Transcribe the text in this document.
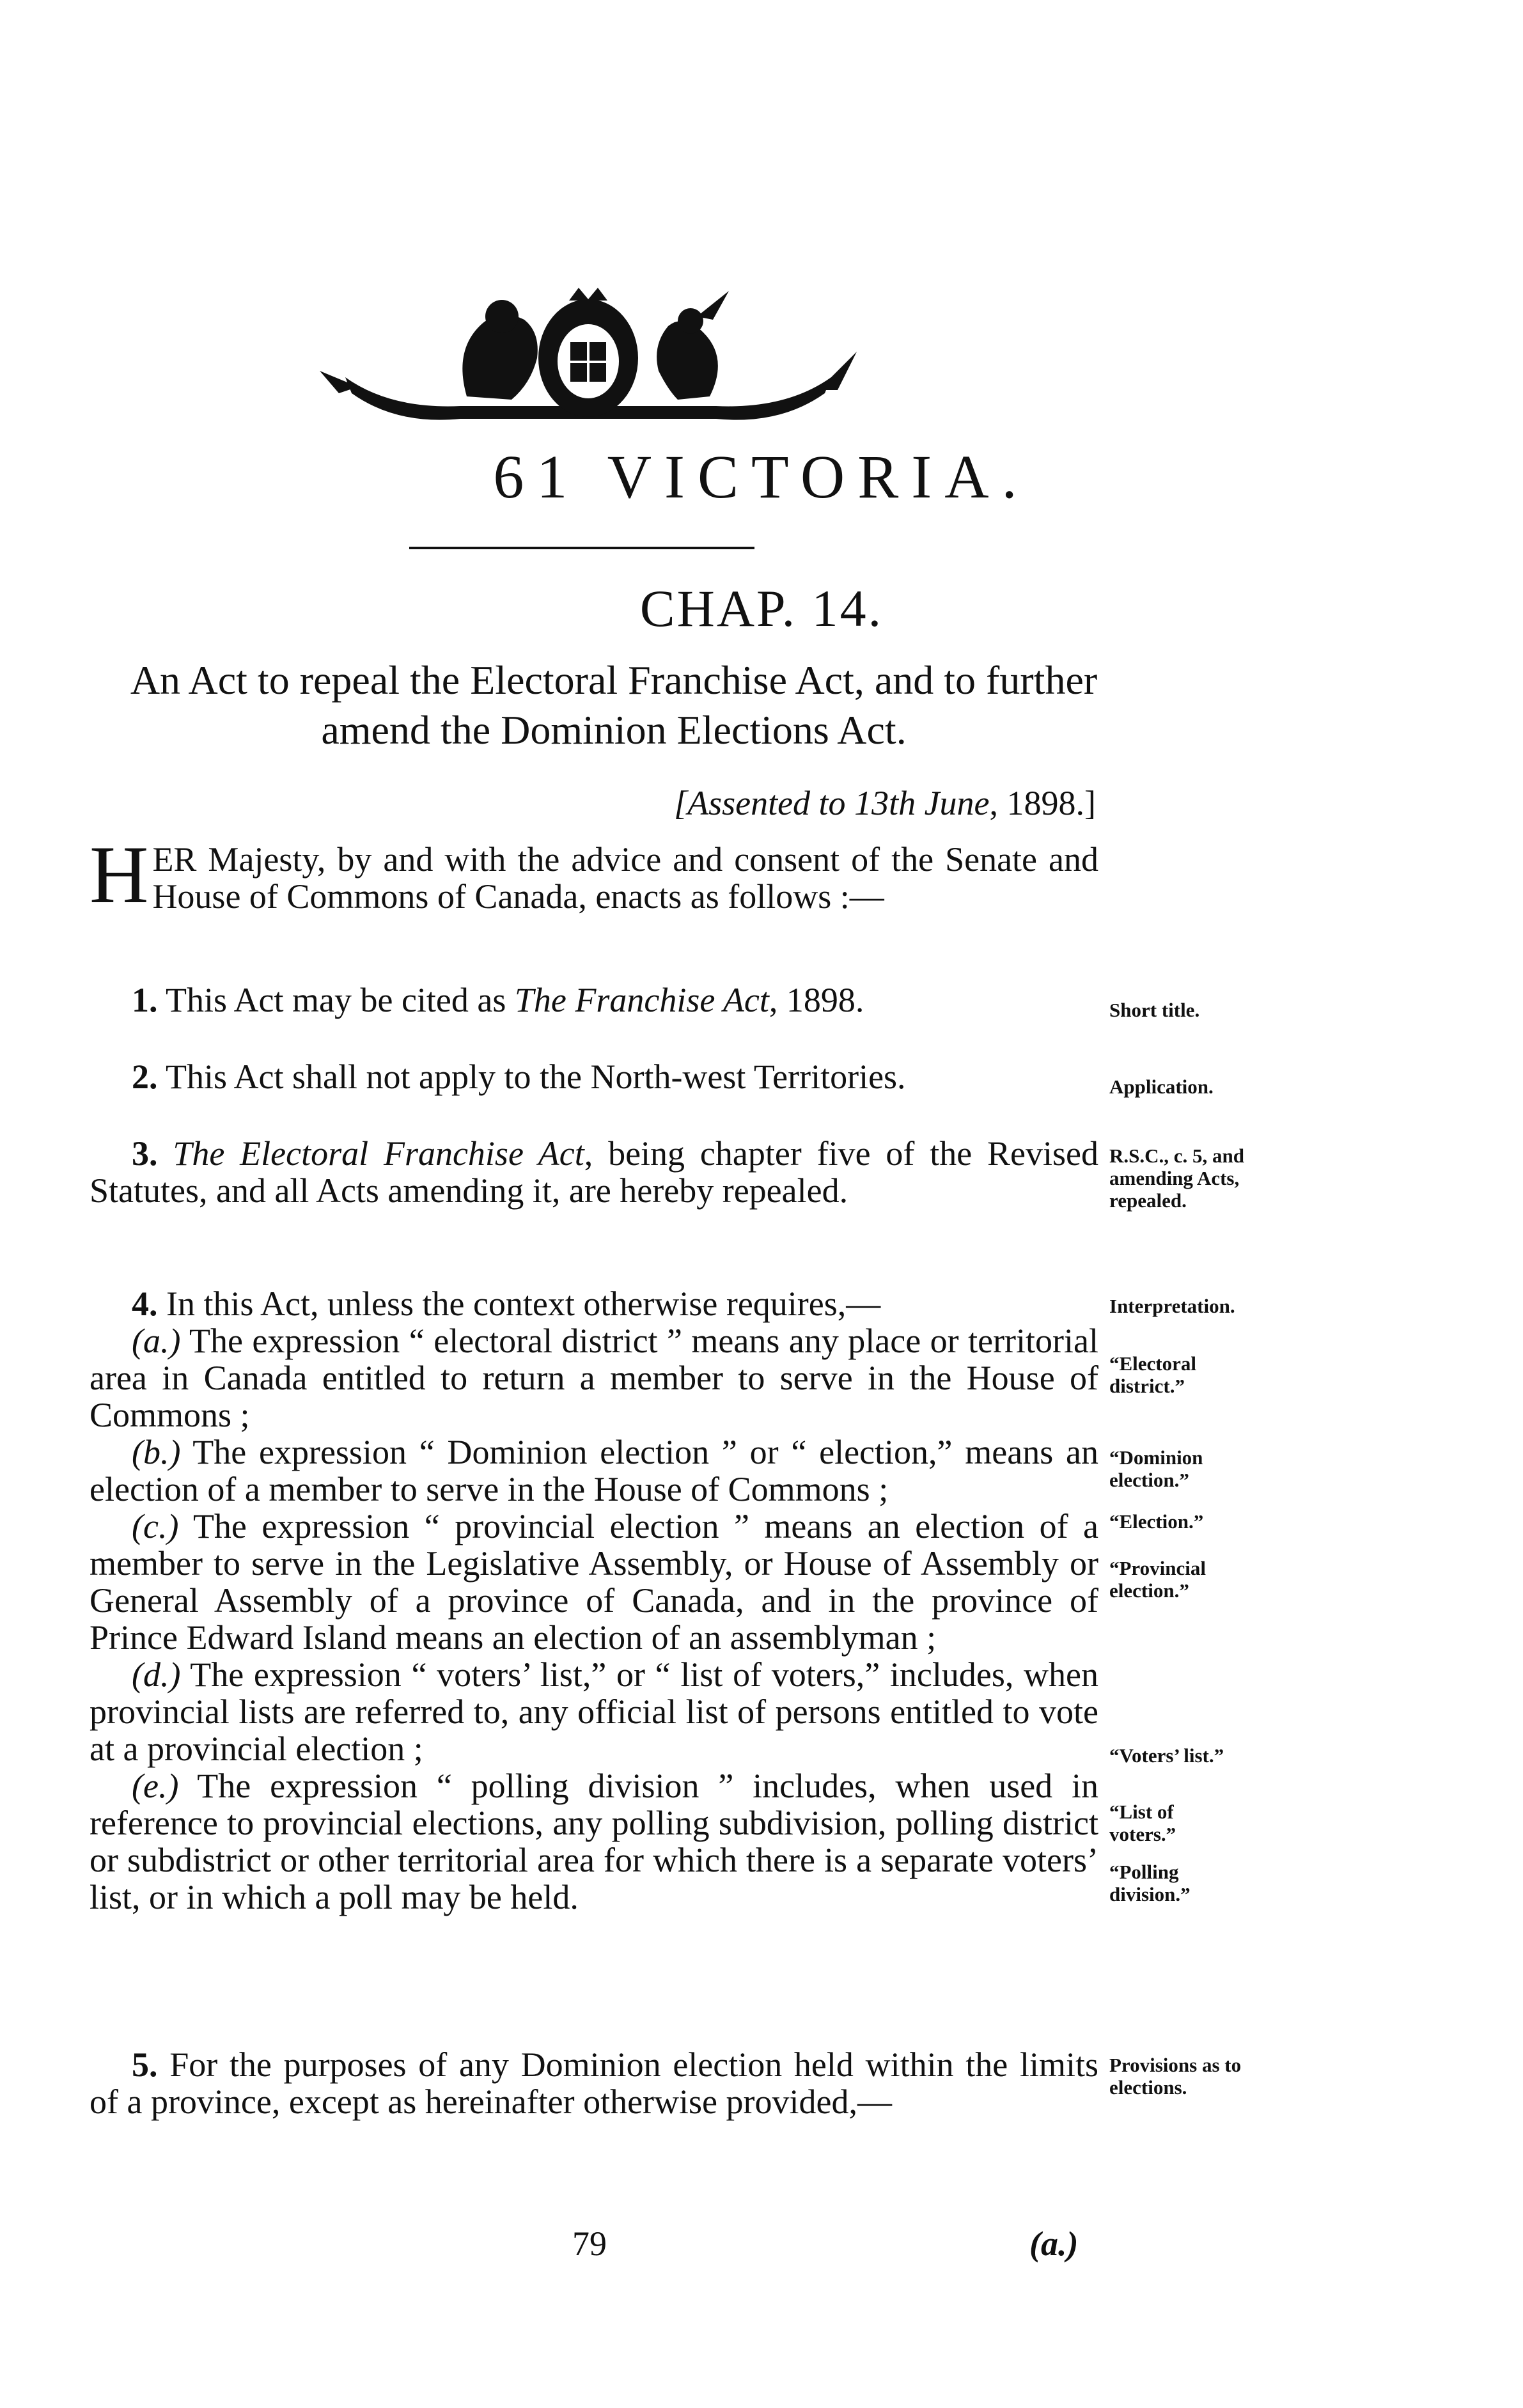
61 VICTORIA.
CHAP. 14.
An Act to repeal the Electoral Franchise Act, and to further amend the Dominion Elections Act.
[Assented to 13th June, 1898.]

HER Majesty, by and with the advice and consent of the Senate and House of Commons of Canada, enacts as follows :—

1. This Act may be cited as The Franchise Act, 1898.	Short title.

2. This Act shall not apply to the North-west Territories.	Application.

3. The Electoral Franchise Act, being chapter five of the Revised Statutes, and all Acts amending it, are hereby repealed.

R.S.C., c. 5, and amending Acts, repealed.

4. In this Act, unless the context otherwise requires,—

(a.) The expression “ electoral district ” means any place or territorial area in Canada entitled to return a member to serve in the House of Commons ;

(b.) The expression “ Dominion election ” or “ election,” means an election of a member to serve in the House of Commons ;

(c.) The expression “ provincial election ” means an election of a member to serve in the Legislative Assembly, or House of Assembly or General Assembly of a province of Canada, and in the province of Prince Edward Island means an election of an assemblyman ;

(d.) The expression “ voters’ list,” or “ list of voters,” includes, when provincial lists are referred to, any official list of persons entitled to vote at a provincial election ;

(e.) The expression “ polling division ” includes, when used in reference to provincial elections, any polling subdivision, polling district or subdistrict or other territorial area for which there is a separate voters’ list, or in which a poll may be held.

Interpretation.
“Electoral district.”
“Dominion election.”
“Election.”
“Provincial election.”
“Voters’ list.”
“List of voters.”
“Polling division.”

5. For the purposes of any Dominion election held within the limits of a province, except as hereinafter otherwise provided,—

Provisions as to elections.
79	(a.)
